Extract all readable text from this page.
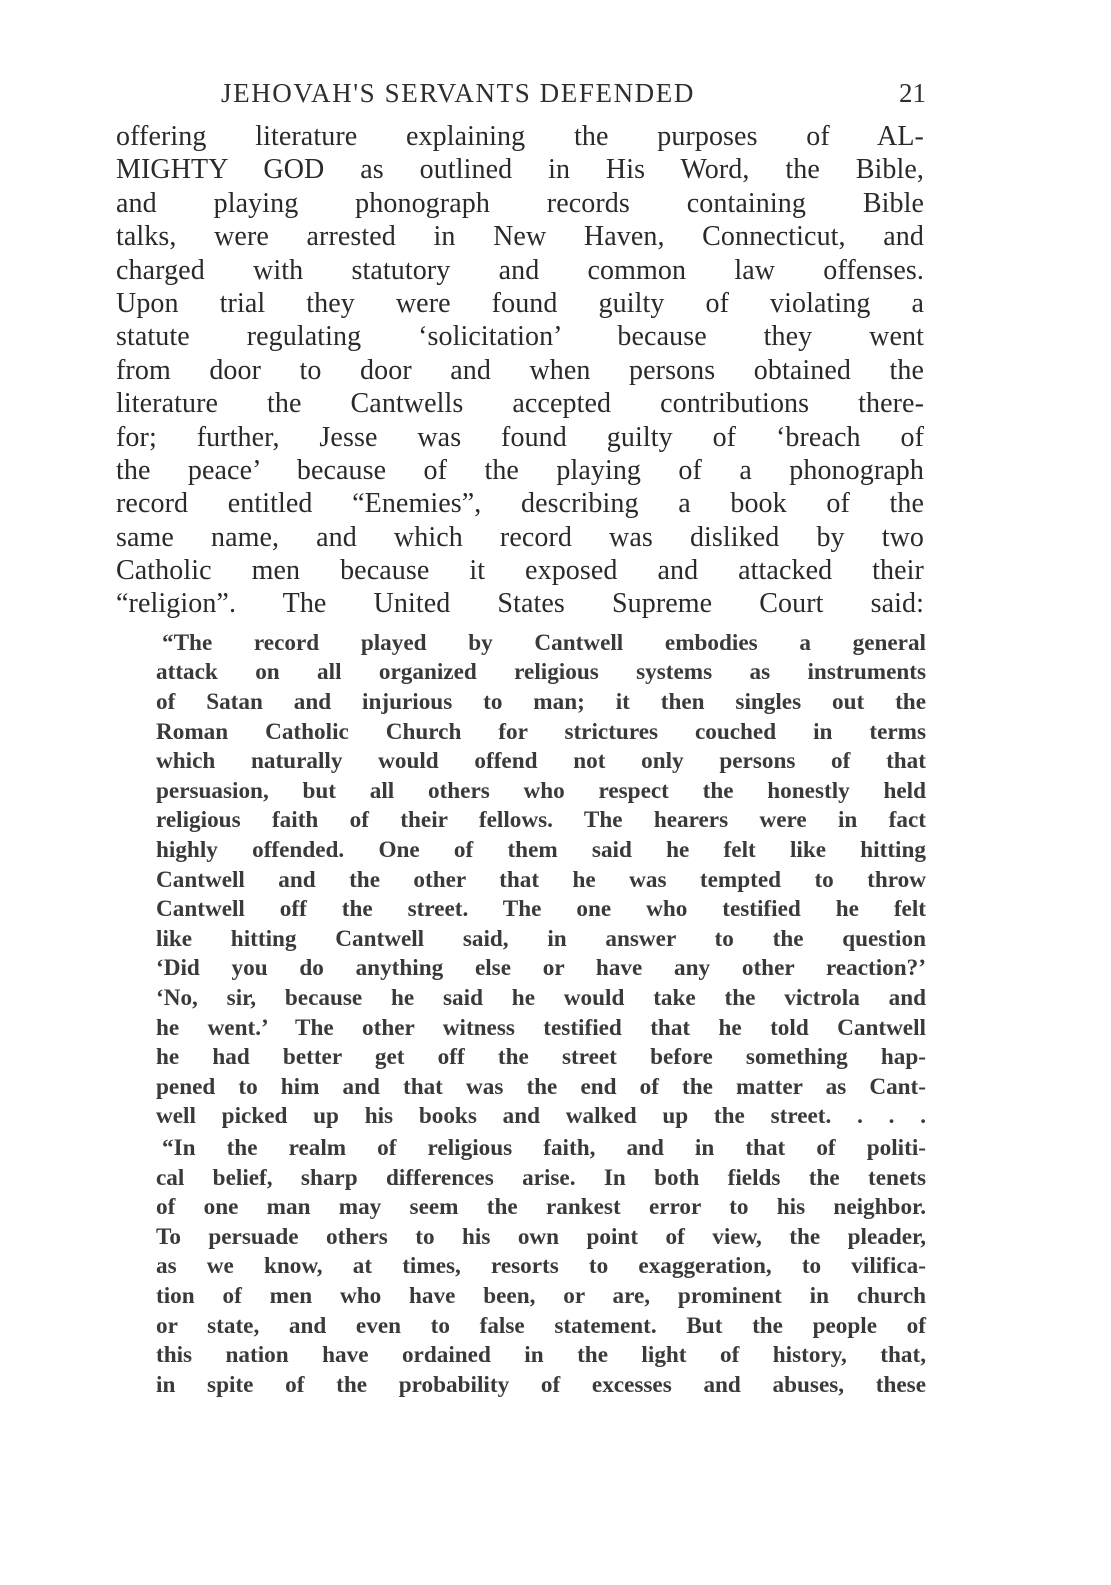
JEHOVAH'S SERVANTS DEFENDED	21
offering literature explaining the purposes of AL-
MIGHTY GOD as outlined in His Word, the Bible,
and playing phonograph records containing Bible
talks, were arrested in New Haven, Connecticut, and
charged with statutory and common law offenses.
Upon trial they were found guilty of violating a
statute regulating ‘solicitation’ because they went
from door to door and when persons obtained the
literature the Cantwells accepted contributions there-
for; further, Jesse was found guilty of ‘breach of
the peace’ because of the playing of a phonograph
record entitled “Enemies”, describing a book of the
same name, and which record was disliked by two
Catholic men because it exposed and attacked their
“religion”. The United States Supreme Court said:
“The record played by Cantwell embodies a general
attack on all organized religious systems as instruments
of Satan and injurious to man; it then singles out the
Roman Catholic Church for strictures couched in terms
which naturally would offend not only persons of that
persuasion, but all others who respect the honestly held
religious faith of their fellows. The hearers were in fact
highly offended. One of them said he felt like hitting
Cantwell and the other that he was tempted to throw
Cantwell off the street. The one who testified he felt
like hitting Cantwell said, in answer to the question
‘Did you do anything else or have any other reaction?’
‘No, sir, because he said he would take the victrola and
he went.’ The other witness testified that he told Cantwell
he had better get off the street before something hap-
pened to him and that was the end of the matter as Cant-
well picked up his books and walked up the street. . . .
“In the realm of religious faith, and in that of politi-
cal belief, sharp differences arise. In both fields the tenets
of one man may seem the rankest error to his neighbor.
To persuade others to his own point of view, the pleader,
as we know, at times, resorts to exaggeration, to vilifica-
tion of men who have been, or are, prominent in church
or state, and even to false statement. But the people of
this nation have ordained in the light of history, that,
in spite of the probability of excesses and abuses, these
